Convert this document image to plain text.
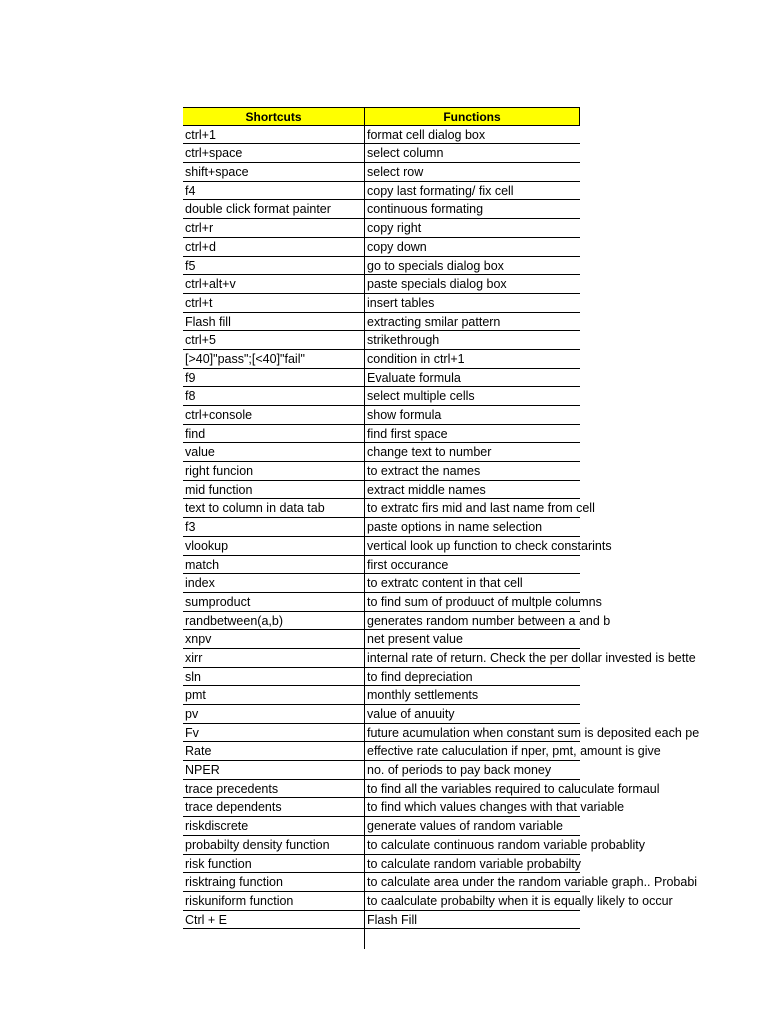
Shortcuts	Functions
ctrl+1	format cell dialog box
ctrl+space	select column
shift+space	select row
f4	copy last formating/ fix cell
double click format painter	continuous formating
ctrl+r	copy right
ctrl+d	copy down
f5	go to specials dialog box
ctrl+alt+v	paste specials dialog box
ctrl+t	insert tables
Flash fill	extracting smilar pattern
ctrl+5	strikethrough
[>40]"pass";[<40]"fail"	condition in ctrl+1
f9	Evaluate formula
f8	select multiple cells
ctrl+console	show formula
find	find first space
value	change text to number
right funcion	to extract the names
mid function	extract middle names
text to column in data tab	to extratc firs mid and last name from cell
f3	paste options in name selection
vlookup	vertical look up function to check constarints
match	first occurance
index	to extratc content in that cell
sumproduct	to find sum of produuct of multple columns
randbetween(a,b)	generates random number between a and b
xnpv	net present value
xirr	internal rate of return. Check the per dollar invested is bette
sln	to find depreciation
pmt	monthly settlements
pv	value of anuuity
Fv	future acumulation when constant sum is deposited each pe
Rate	effective rate caluculation if nper, pmt, amount is give
NPER	no. of periods to pay back money
trace precedents	to find all the variables required to caluculate formaul
trace dependents	to find which values changes with that variable
riskdiscrete	generate values of random variable
probabilty density function	to calculate continuous random variable probablity
risk function	to calculate random variable probabilty
risktraing function	to calculate area under the random variable graph.. Probabi
riskuniform function	to caalculate probabilty when it is equally likely to occur
Ctrl + E	Flash Fill
